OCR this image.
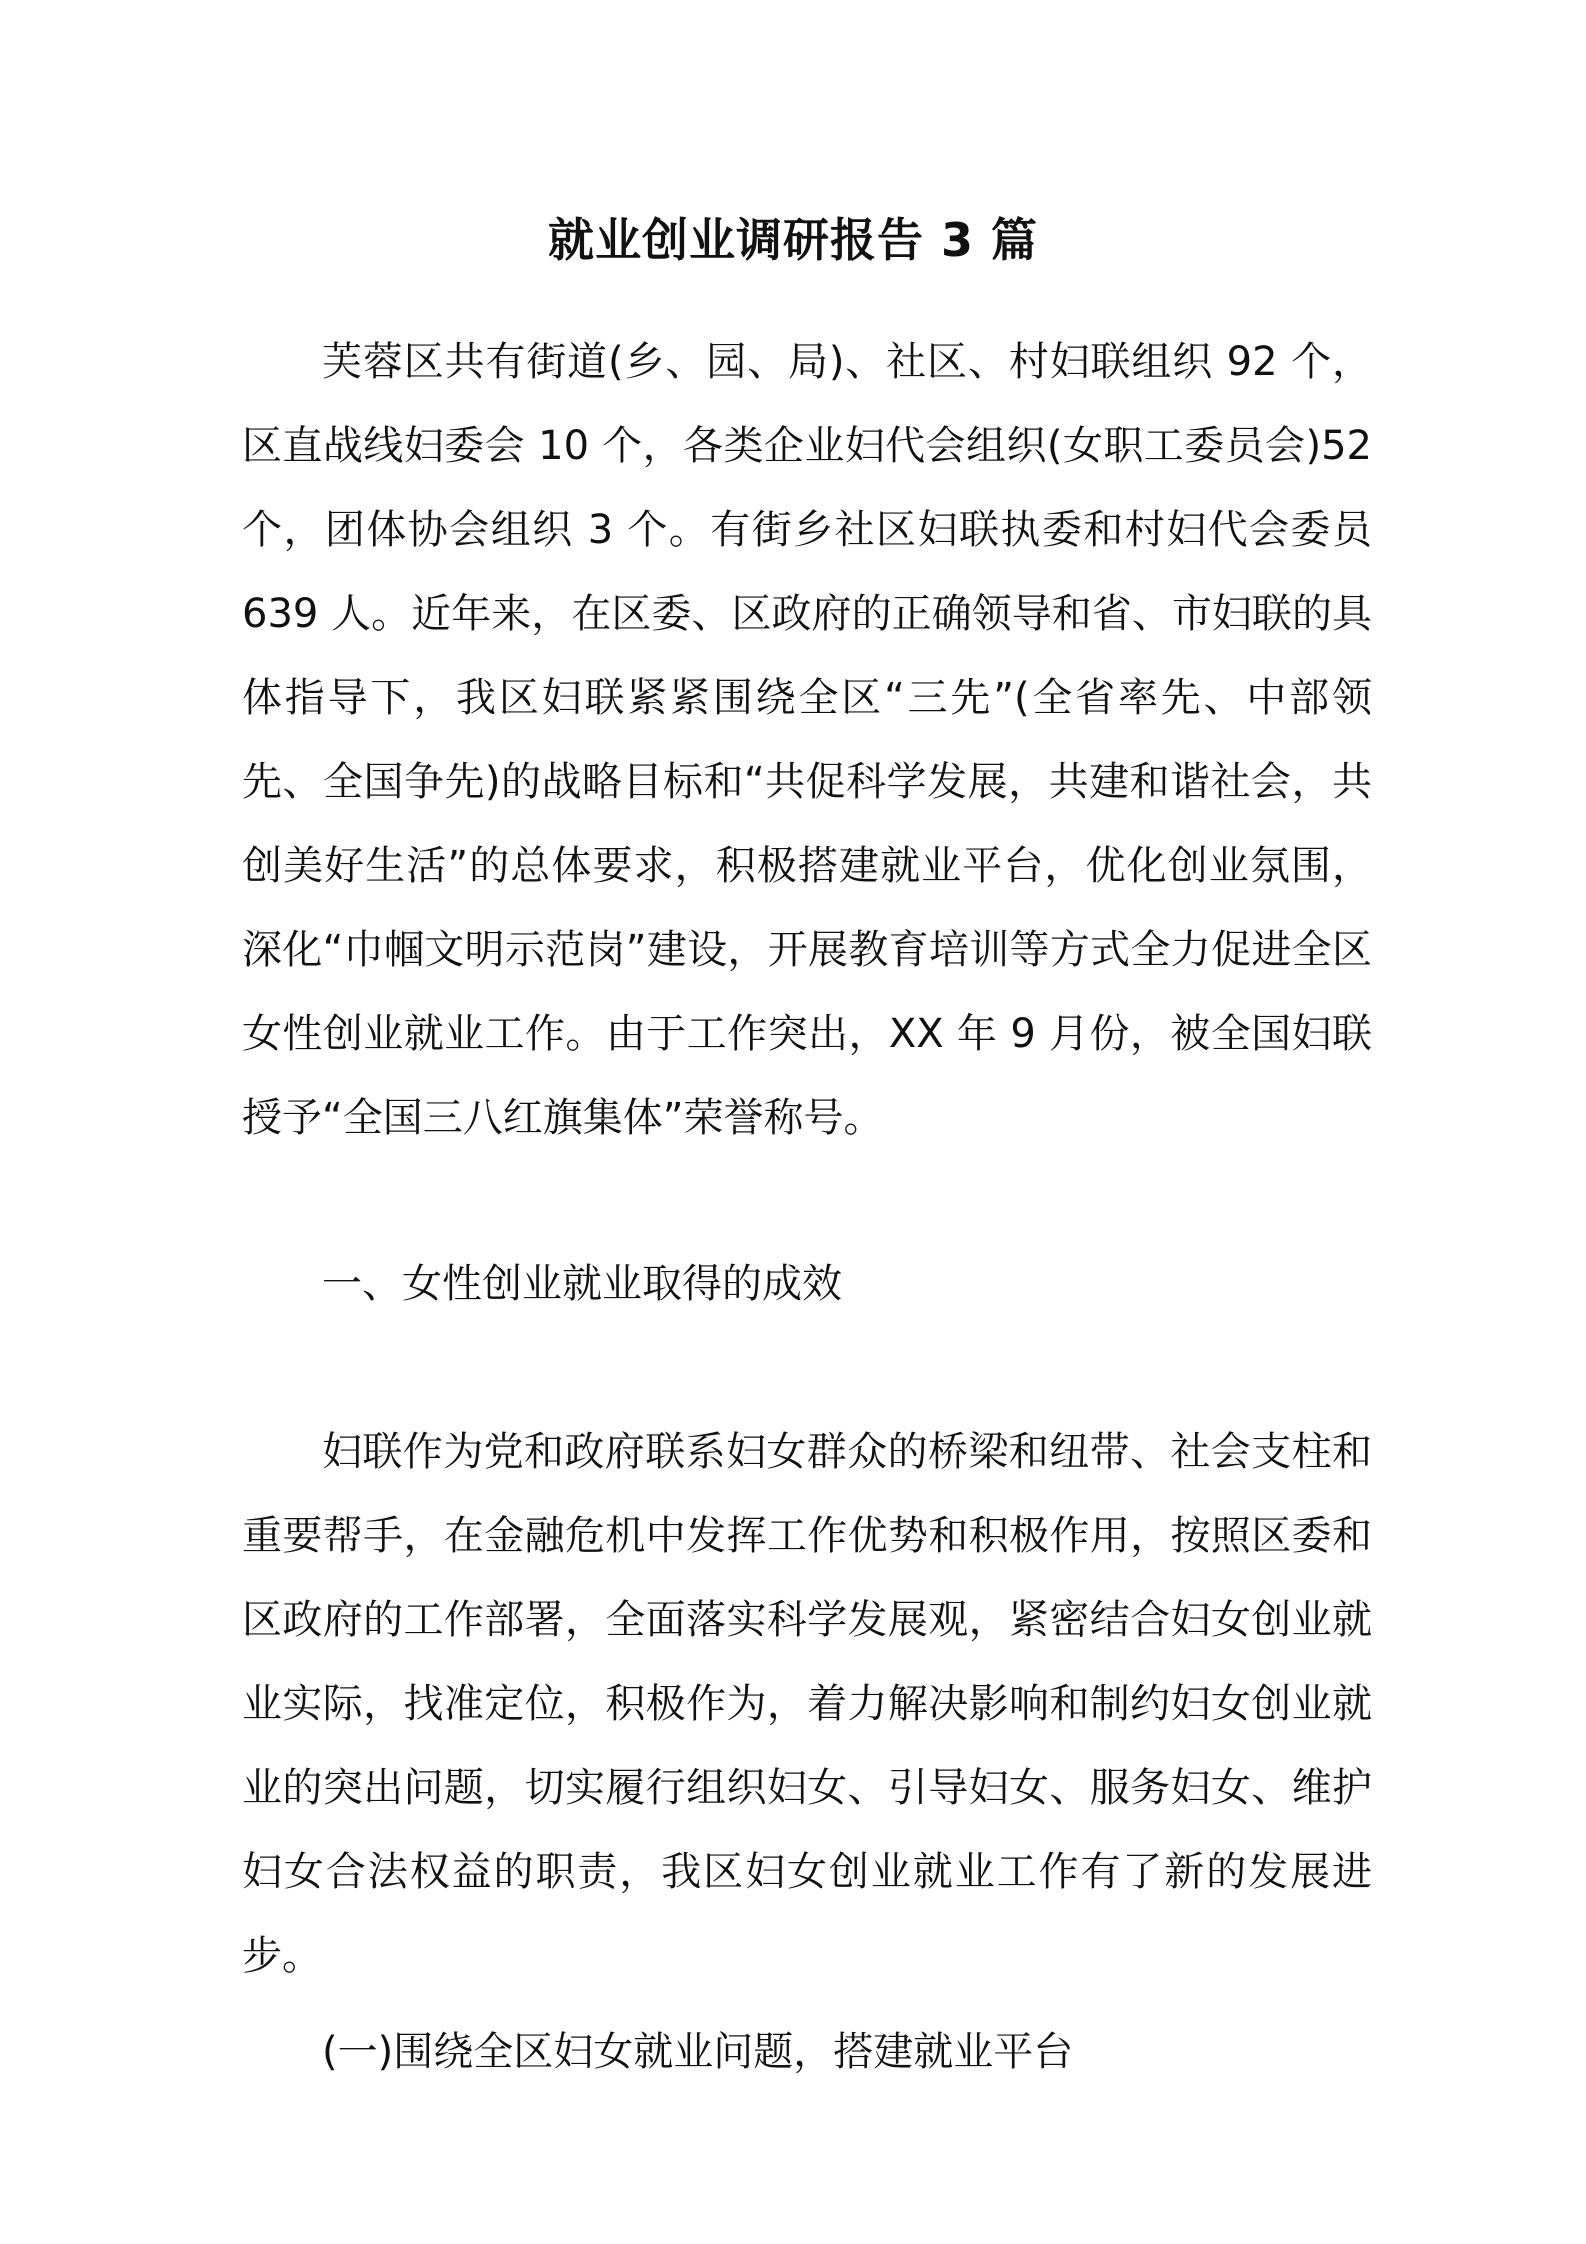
就业创业调研报告 3 篇

芙蓉区共有街道(乡、园、局)、社区、村妇联组织 92 个，区直战线妇委会 10 个，各类企业妇代会组织(女职工委员会)52 个，团体协会组织 3 个。有街乡社区妇联执委和村妇代会委员 639 人。近年来，在区委、区政府的正确领导和省、市妇联的具体指导下，我区妇联紧紧围绕全区“三先”(全省率先、中部领先、全国争先)的战略目标和“共促科学发展，共建和谐社会，共创美好生活”的总体要求，积极搭建就业平台，优化创业氛围，深化“巾帼文明示范岗”建设，开展教育培训等方式全力促进全区女性创业就业工作。由于工作突出，XX 年 9 月份，被全国妇联授予“全国三八红旗集体”荣誉称号。

一、女性创业就业取得的成效

妇联作为党和政府联系妇女群众的桥梁和纽带、社会支柱和重要帮手，在金融危机中发挥工作优势和积极作用，按照区委和区政府的工作部署，全面落实科学发展观，紧密结合妇女创业就业实际，找准定位，积极作为，着力解决影响和制约妇女创业就业的突出问题，切实履行组织妇女、引导妇女、服务妇女、维护妇女合法权益的职责，我区妇女创业就业工作有了新的发展进步。

(一)围绕全区妇女就业问题，搭建就业平台
